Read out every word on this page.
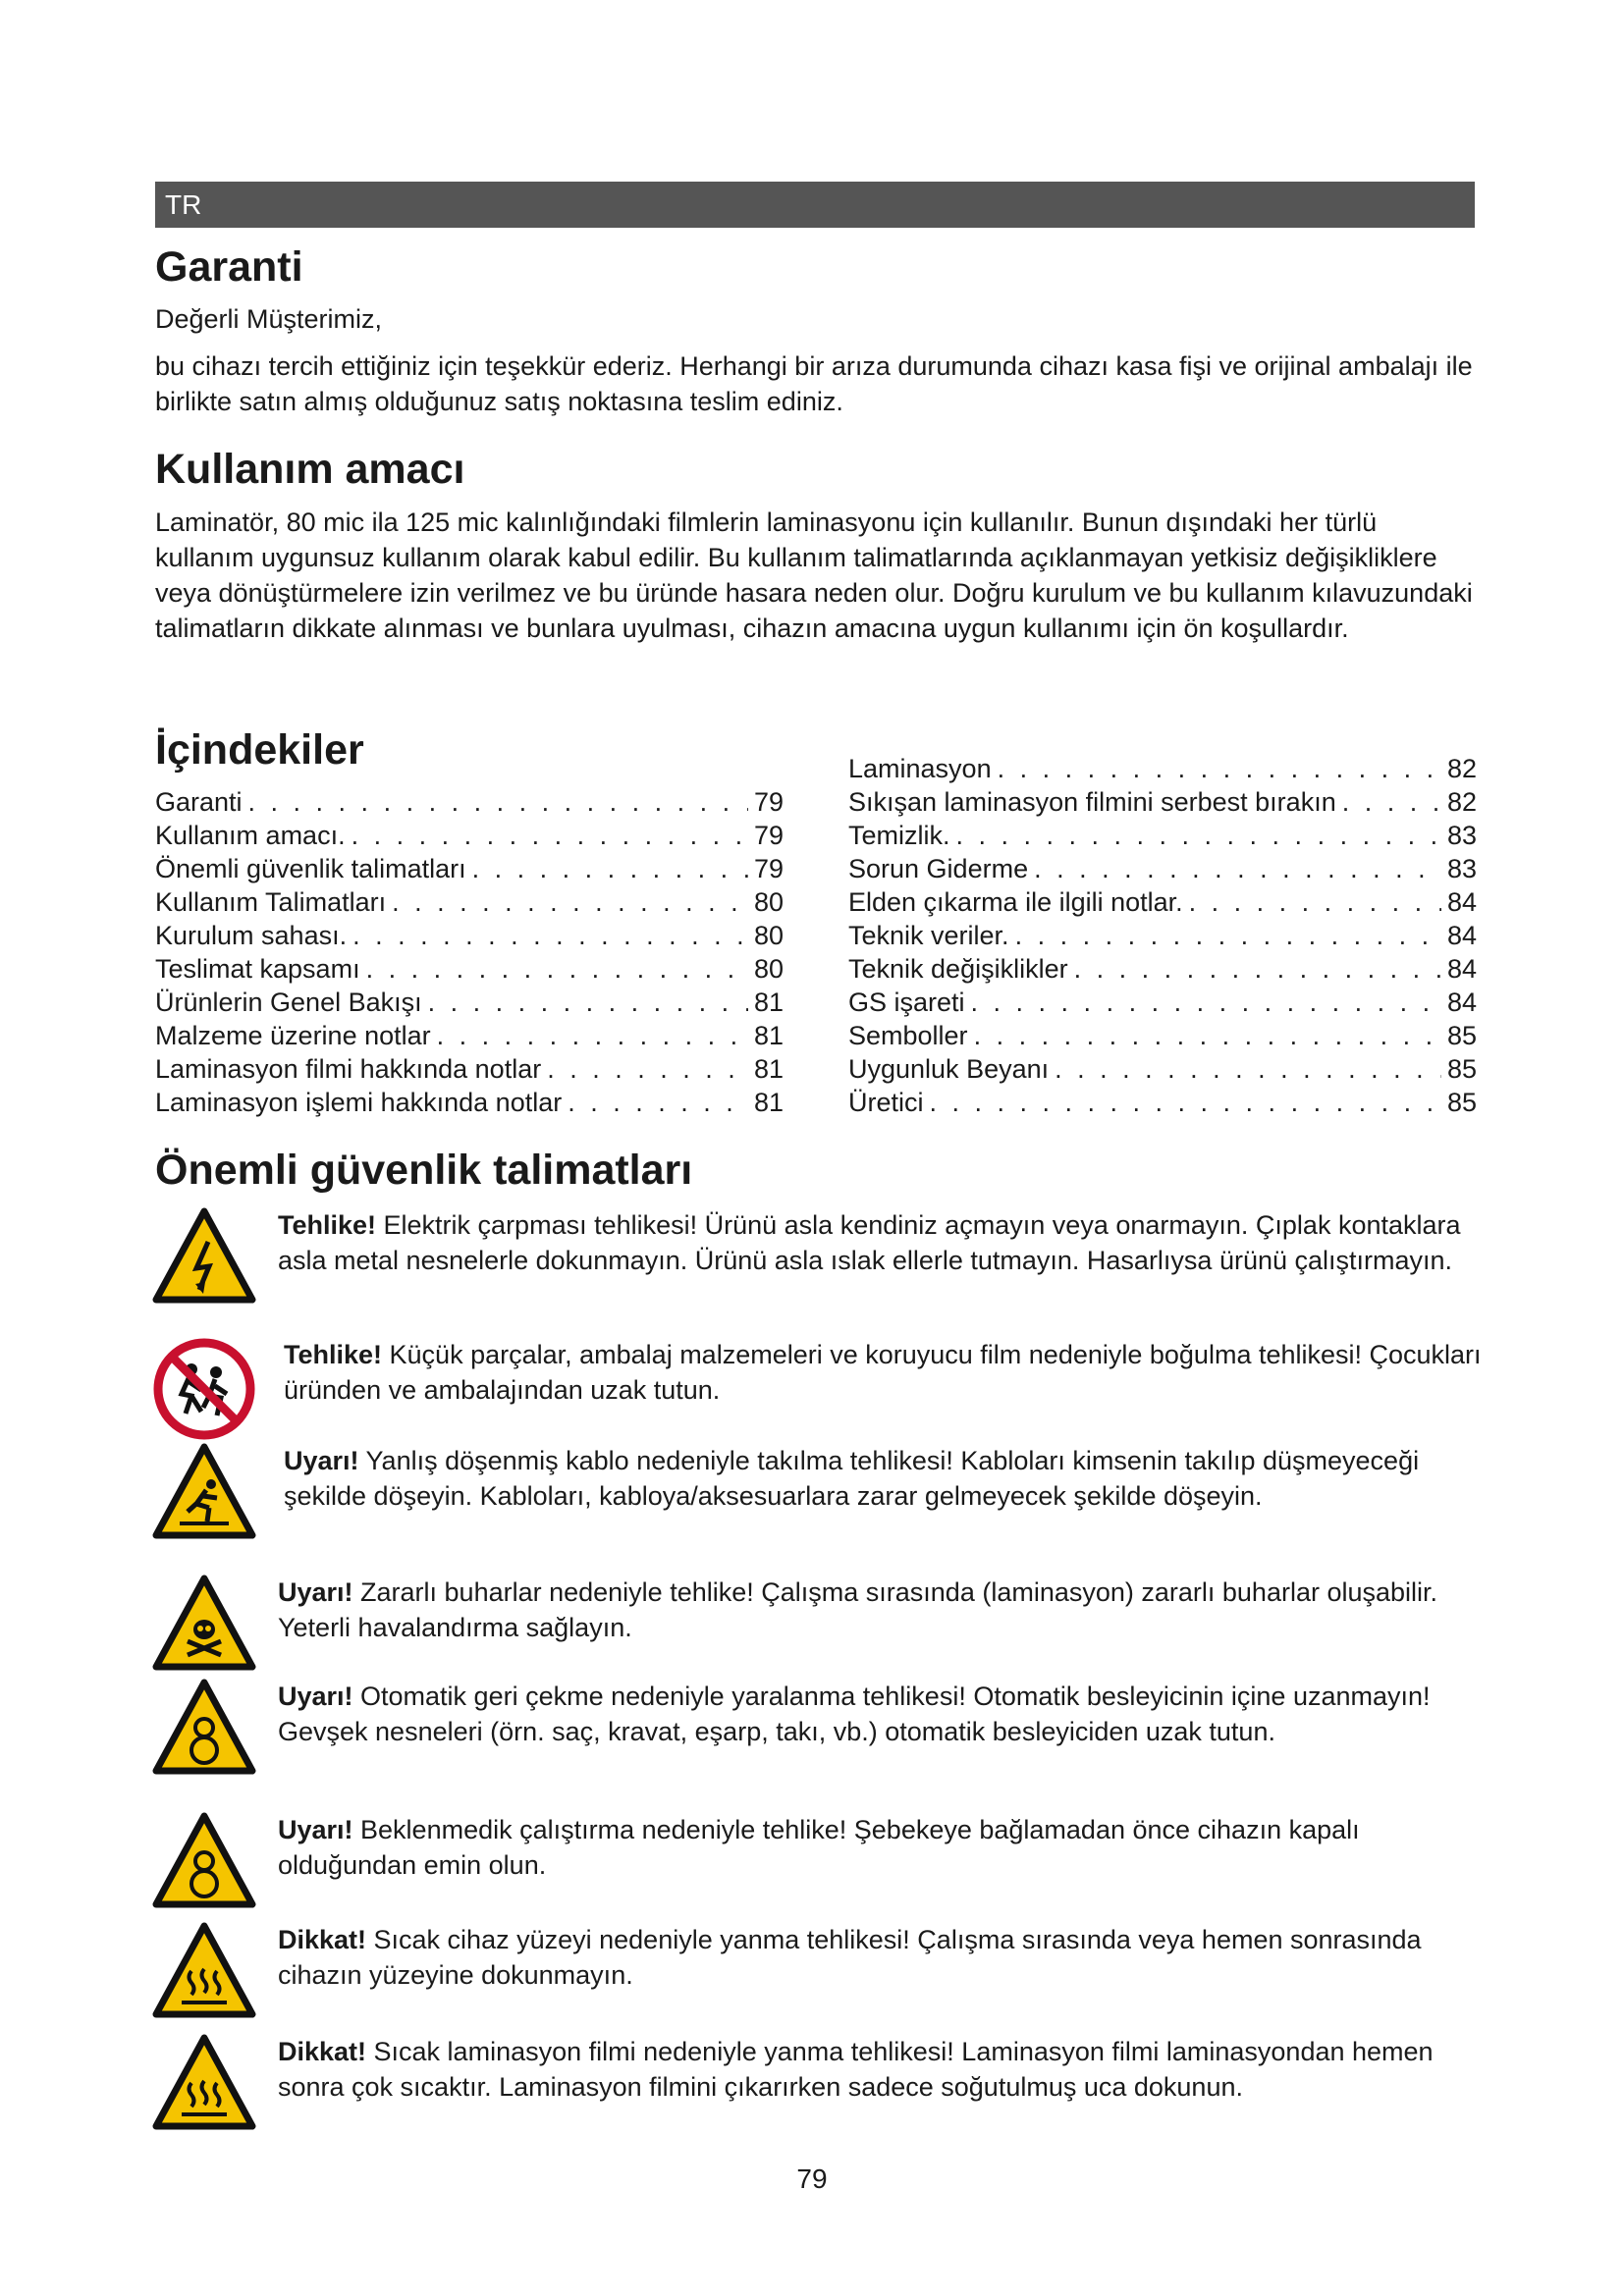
TR
Garanti

Değerli Müşterimiz,

bu cihazı tercih ettiğiniz için teşekkür ederiz. Herhangi bir arıza durumunda cihazı kasa fişi ve orijinal ambalajı ile birlikte satın almış olduğunuz satış noktasına teslim ediniz.

Kullanım amacı

Laminatör, 80 mic ila 125 mic kalınlığındaki filmlerin laminasyonu için kullanılır. Bunun dışındaki her türlü kullanım uygunsuz kullanım olarak kabul edilir. Bu kullanım talimatlarında açıklanmayan yetkisiz değişikliklere veya dönüştürmelere izin verilmez ve bu üründe hasara neden olur. Doğru kurulum ve bu kullanım kılavuzundaki talimatların dikkate alınması ve bunlara uyulması, cihazın amacına uygun kullanımı için ön koşullardır.

İçindekiler
Garanti . . .	79
Kullanım amacı. . . .	79
Önemli güvenlik talimatları . . .	79
Kullanım Talimatları . . .	80
Kurulum sahası. . . .	80
Teslimat kapsamı . . .	80
Ürünlerin Genel Bakışı . . .	81
Malzeme üzerine notlar . . .	81
Laminasyon filmi hakkında notlar . . .	81
Laminasyon işlemi hakkında notlar . . .	81
Laminasyon . . .	82
Sıkışan laminasyon filmini serbest bırakın . . .	82
Temizlik. . . .	83
Sorun Giderme . . .	83
Elden çıkarma ile ilgili notlar. . . .	84
Teknik veriler. . . .	84
Teknik değişiklikler . . .	84
GS işareti . . .	84
Semboller . . .	85
Uygunluk Beyanı . . .	85
Üretici . . .	85
Önemli güvenlik talimatları

Tehlike! Elektrik çarpması tehlikesi! Ürünü asla kendiniz açmayın veya onarmayın. Çıplak kontaklara asla metal nesnelerle dokunmayın. Ürünü asla ıslak ellerle tutmayın. Hasarlıysa ürünü çalıştırmayın.

Tehlike! Küçük parçalar, ambalaj malzemeleri ve koruyucu film nedeniyle boğulma tehlikesi! Çocukları üründen ve ambalajından uzak tutun.

Uyarı! Yanlış döşenmiş kablo nedeniyle takılma tehlikesi! Kabloları kimsenin takılıp düşmeyeceği şekilde döşeyin. Kabloları, kabloya/aksesuarlara zarar gelmeyecek şekilde döşeyin.

Uyarı! Zararlı buharlar nedeniyle tehlike! Çalışma sırasında (laminasyon) zararlı buharlar oluşabilir. Yeterli havalandırma sağlayın.

Uyarı! Otomatik geri çekme nedeniyle yaralanma tehlikesi! Otomatik besleyicinin içine uzanmayın! Gevşek nesneleri (örn. saç, kravat, eşarp, takı, vb.) otomatik besleyiciden uzak tutun.

Uyarı! Beklenmedik çalıştırma nedeniyle tehlike! Şebekeye bağlamadan önce cihazın kapalı olduğundan emin olun.

Dikkat! Sıcak cihaz yüzeyi nedeniyle yanma tehlikesi! Çalışma sırasında veya hemen sonrasında cihazın yüzeyine dokunmayın.

Dikkat! Sıcak laminasyon filmi nedeniyle yanma tehlikesi! Laminasyon filmi laminasyondan hemen sonra çok sıcaktır. Laminasyon filmini çıkarırken sadece soğutulmuş uca dokunun.

79
